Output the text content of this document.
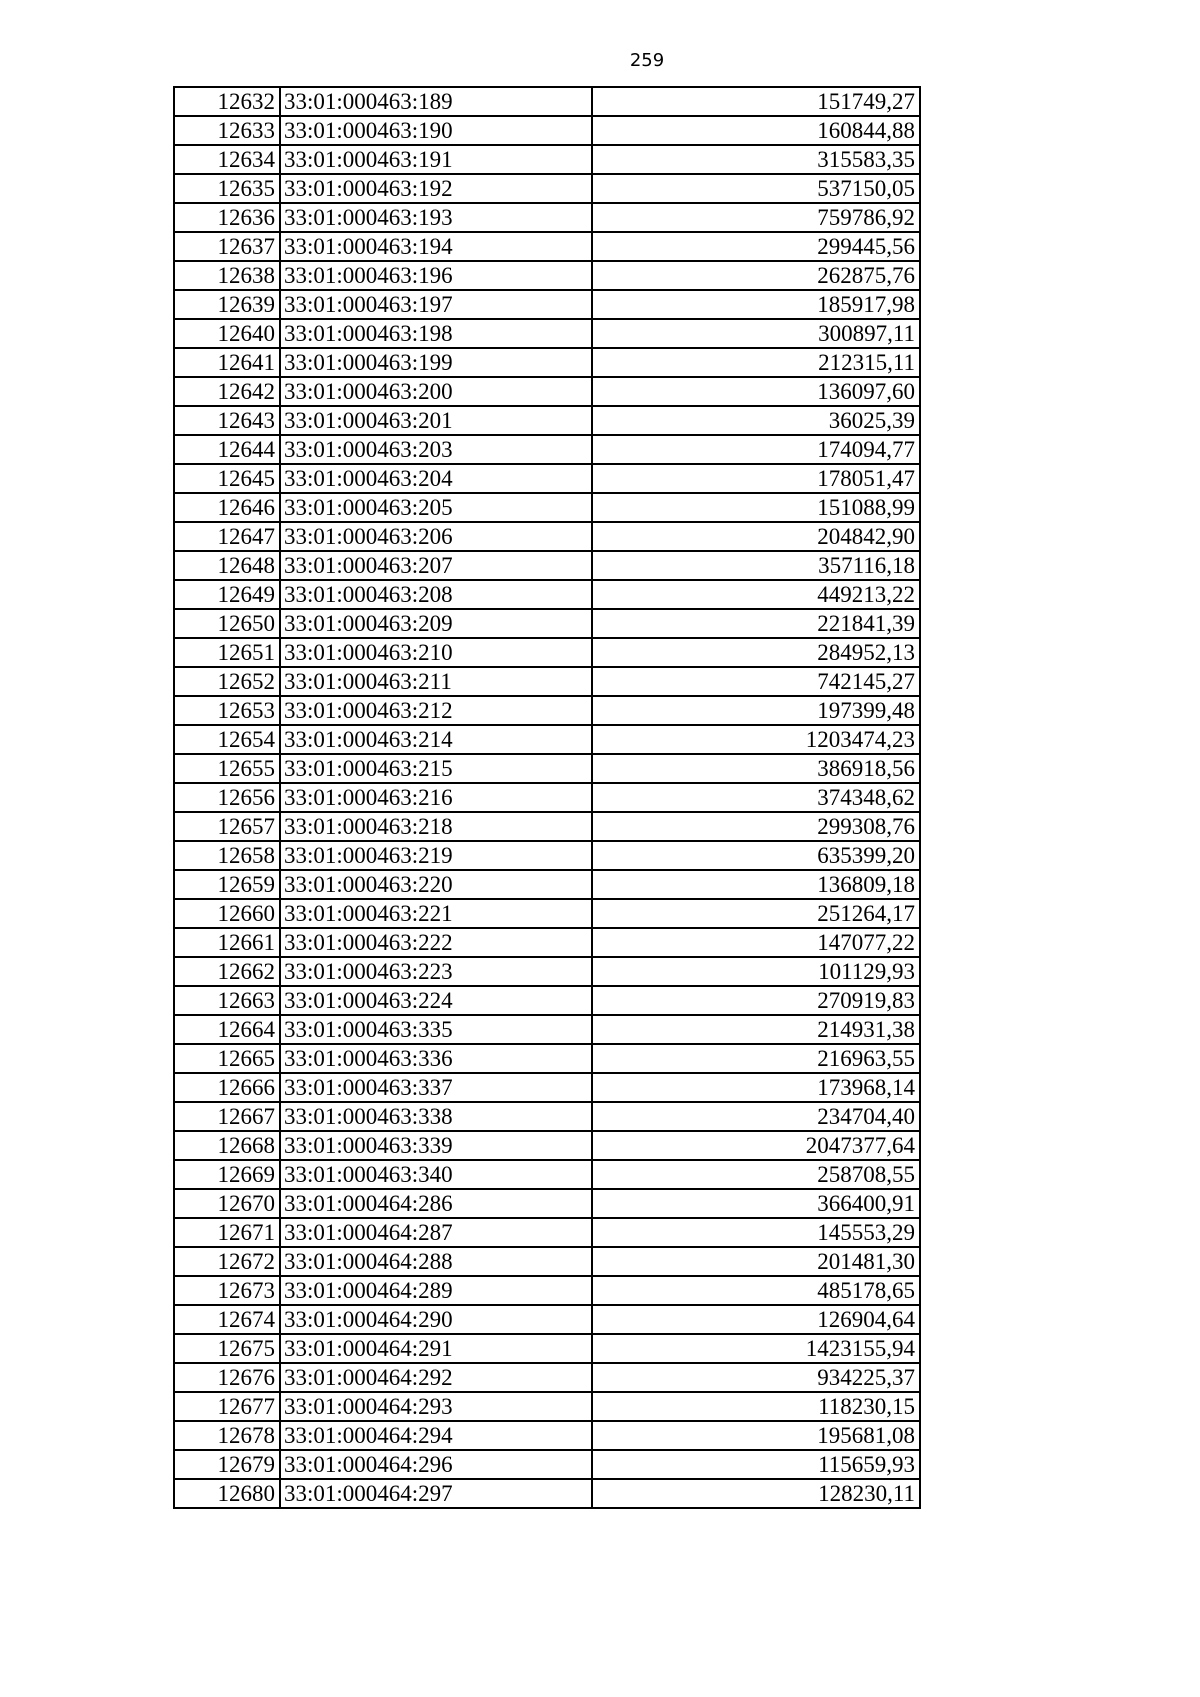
259
12632	33:01:000463:189	151749,27
12633	33:01:000463:190	160844,88
12634	33:01:000463:191	315583,35
12635	33:01:000463:192	537150,05
12636	33:01:000463:193	759786,92
12637	33:01:000463:194	299445,56
12638	33:01:000463:196	262875,76
12639	33:01:000463:197	185917,98
12640	33:01:000463:198	300897,11
12641	33:01:000463:199	212315,11
12642	33:01:000463:200	136097,60
12643	33:01:000463:201	36025,39
12644	33:01:000463:203	174094,77
12645	33:01:000463:204	178051,47
12646	33:01:000463:205	151088,99
12647	33:01:000463:206	204842,90
12648	33:01:000463:207	357116,18
12649	33:01:000463:208	449213,22
12650	33:01:000463:209	221841,39
12651	33:01:000463:210	284952,13
12652	33:01:000463:211	742145,27
12653	33:01:000463:212	197399,48
12654	33:01:000463:214	1203474,23
12655	33:01:000463:215	386918,56
12656	33:01:000463:216	374348,62
12657	33:01:000463:218	299308,76
12658	33:01:000463:219	635399,20
12659	33:01:000463:220	136809,18
12660	33:01:000463:221	251264,17
12661	33:01:000463:222	147077,22
12662	33:01:000463:223	101129,93
12663	33:01:000463:224	270919,83
12664	33:01:000463:335	214931,38
12665	33:01:000463:336	216963,55
12666	33:01:000463:337	173968,14
12667	33:01:000463:338	234704,40
12668	33:01:000463:339	2047377,64
12669	33:01:000463:340	258708,55
12670	33:01:000464:286	366400,91
12671	33:01:000464:287	145553,29
12672	33:01:000464:288	201481,30
12673	33:01:000464:289	485178,65
12674	33:01:000464:290	126904,64
12675	33:01:000464:291	1423155,94
12676	33:01:000464:292	934225,37
12677	33:01:000464:293	118230,15
12678	33:01:000464:294	195681,08
12679	33:01:000464:296	115659,93
12680	33:01:000464:297	128230,11
